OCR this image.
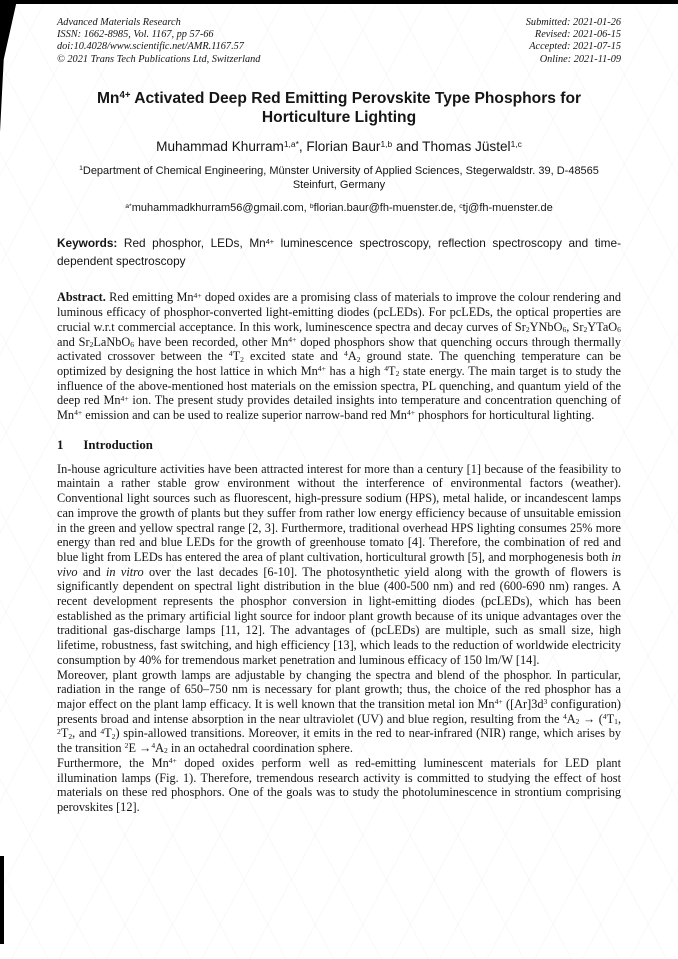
Advanced Materials Research
ISSN: 1662-8985, Vol. 1167, pp 57-66
doi:10.4028/www.scientific.net/AMR.1167.57
© 2021 Trans Tech Publications Ltd, Switzerland
Submitted: 2021-01-26
Revised: 2021-06-15
Accepted: 2021-07-15
Online: 2021-11-09
$Mn^{4+}$ Activated Deep Red Emitting Perovskite Type Phosphors for Horticulture Lighting
Muhammad Khurram$^{1,a*}$, Florian Baur$^{1,b}$ and Thomas Jüstel$^{1,c}$
$^1$Department of Chemical Engineering, Münster University of Applied Sciences, Stegerwaldstr. 39, D-48565 Steinfurt, Germany
$^{a*}$muhammadkhurram56@gmail.com, $^b$florian.baur@fh-muenster.de, $^c$tj@fh-muenster.de

Keywords: Red phosphor, LEDs, $Mn^{4+}$ luminescence spectroscopy, reflection spectroscopy and time-dependent spectroscopy

Abstract. Red emitting $Mn^{4+}$ doped oxides are a promising class of materials to improve the colour rendering and luminous efficacy of phosphor-converted light-emitting diodes (pcLEDs). For pcLEDs, the optical properties are crucial w.r.t commercial acceptance. In this work, luminescence spectra and decay curves of $Sr_2YNbO_6$, $Sr_2YTaO_6$ and $Sr_2LaNbO_6$ have been recorded, other $Mn^{4+}$ doped phosphors show that quenching occurs through thermally activated crossover between the $^4T_2$ excited state and $^4A_2$ ground state. The quenching temperature can be optimized by designing the host lattice in which $Mn^{4+}$ has a high $^4T_2$ state energy. The main target is to study the influence of the above-mentioned host materials on the emission spectra, PL quenching, and quantum yield of the deep red $Mn^{4+}$ ion. The present study provides detailed insights into temperature and concentration quenching of $Mn^{4+}$ emission and can be used to realize superior narrow-band red $Mn^{4+}$ phosphors for horticultural lighting.

1 Introduction

In-house agriculture activities have been attracted interest for more than a century [1] because of the feasibility to maintain a rather stable grow environment without the interference of environmental factors (weather). Conventional light sources such as fluorescent, high-pressure sodium (HPS), metal halide, or incandescent lamps can improve the growth of plants but they suffer from rather low energy efficiency because of unsuitable emission in the green and yellow spectral range [2, 3]. Furthermore, traditional overhead HPS lighting consumes 25% more energy than red and blue LEDs for the growth of greenhouse tomato [4]. Therefore, the combination of red and blue light from LEDs has entered the area of plant cultivation, horticultural growth [5], and morphogenesis both in vivo and in vitro over the last decades [6-10]. The photosynthetic yield along with the growth of flowers is significantly dependent on spectral light distribution in the blue (400-500 nm) and red (600-690 nm) ranges. A recent development represents the phosphor conversion in light-emitting diodes (pcLEDs), which has been established as the primary artificial light source for indoor plant growth because of its unique advantages over the traditional gas-discharge lamps [11, 12]. The advantages of (pcLEDs) are multiple, such as small size, high lifetime, robustness, fast switching, and high efficiency [13], which leads to the reduction of worldwide electricity consumption by 40% for tremendous market penetration and luminous efficacy of 150 lm/W [14].

Moreover, plant growth lamps are adjustable by changing the spectra and blend of the phosphor. In particular, radiation in the range of 650–750 nm is necessary for plant growth; thus, the choice of the red phosphor has a major effect on the plant lamp efficacy. It is well known that the transition metal ion $Mn^{4+}$ ($[Ar]3d^3$ configuration) presents broad and intense absorption in the near ultraviolet (UV) and blue region, resulting from the $^4A_2 \to (^4T_1$, $^2T_2$, and $^4T_2$) spin-allowed transitions. Moreover, it emits in the red to near-infrared (NIR) range, which arises by the transition $^2E \to^4A_2$ in an octahedral coordination sphere.

Furthermore, the $Mn^{4+}$ doped oxides perform well as red-emitting luminescent materials for LED plant illumination lamps (Fig. 1). Therefore, tremendous research activity is committed to studying the effect of host materials on these red phosphors. One of the goals was to study the photoluminescence in strontium comprising perovskites [12].
